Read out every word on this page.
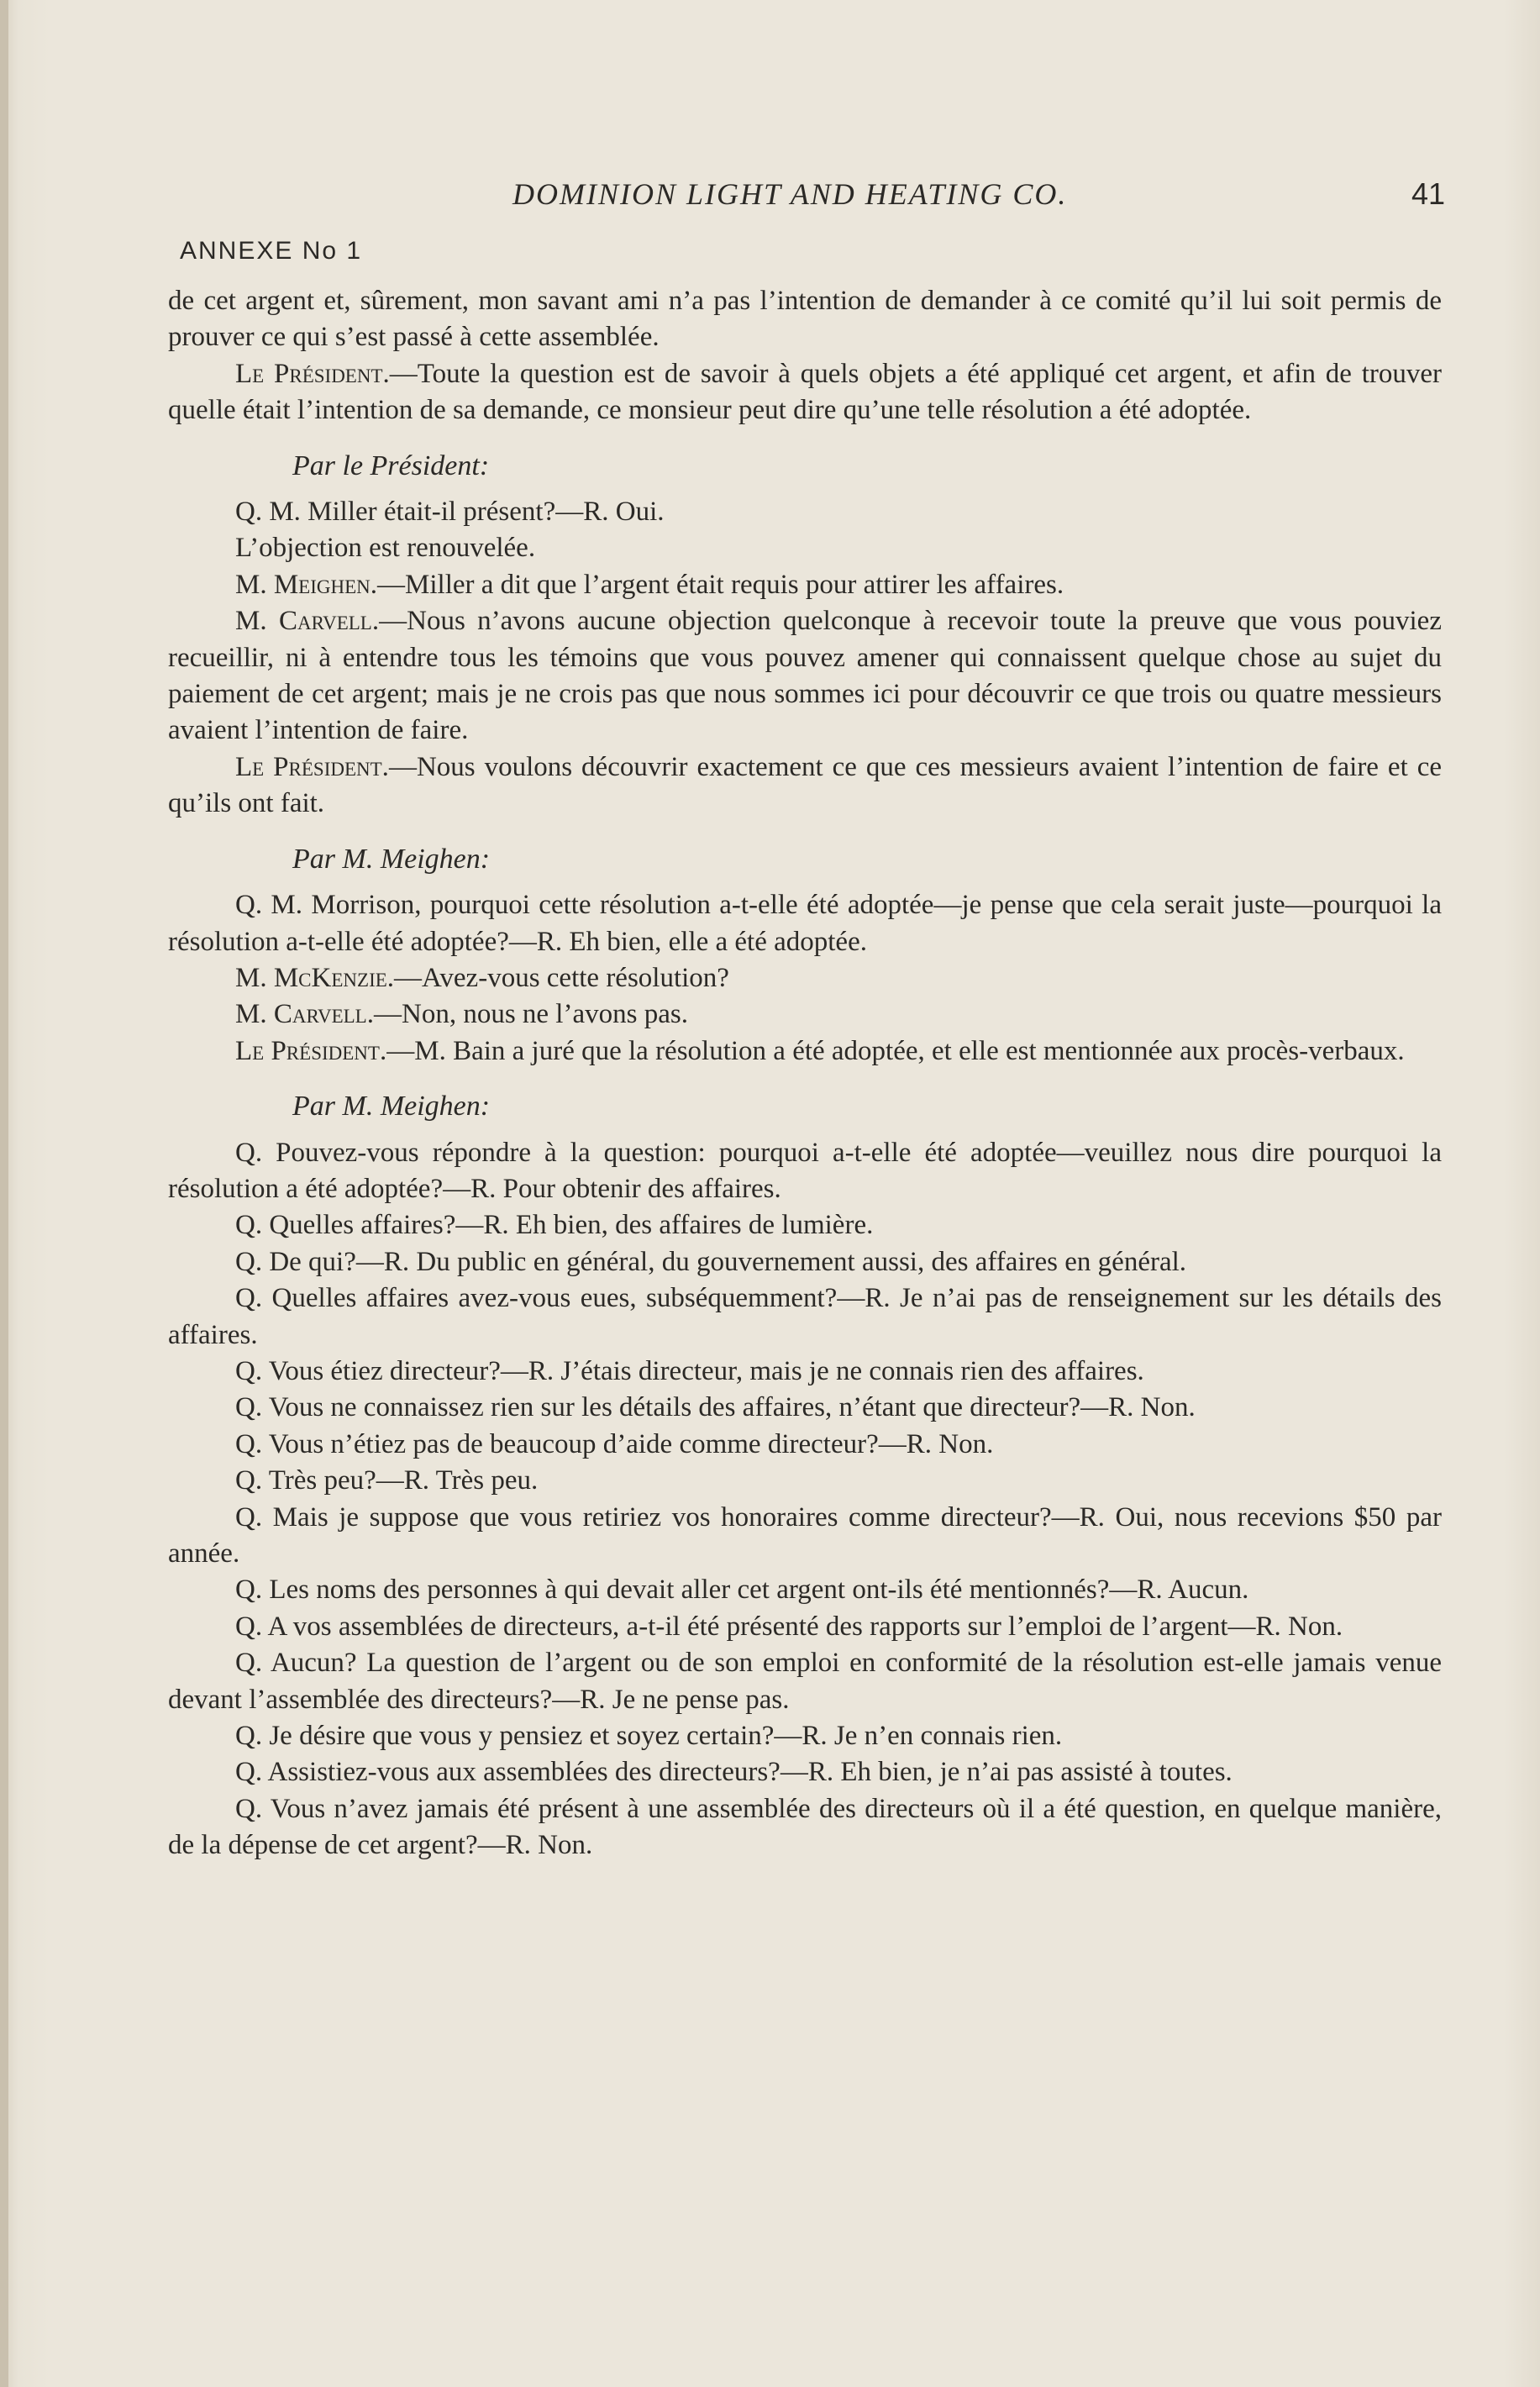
DOMINION LIGHT AND HEATING CO.	41
ANNEXE No 1

de cet argent et, sûrement, mon savant ami n’a pas l’intention de demander à ce comité qu’il lui soit permis de prouver ce qui s’est passé à cette assemblée.

Le Président.—Toute la question est de savoir à quels objets a été appliqué cet argent, et afin de trouver quelle était l’intention de sa demande, ce monsieur peut dire qu’une telle résolution a été adoptée.

Par le Président:

Q. M. Miller était-il présent?—R. Oui.

L’objection est renouvelée.

M. Meighen.—Miller a dit que l’argent était requis pour attirer les affaires.

M. Carvell.—Nous n’avons aucune objection quelconque à recevoir toute la preuve que vous pouviez recueillir, ni à entendre tous les témoins que vous pouvez amener qui connaissent quelque chose au sujet du paiement de cet argent; mais je ne crois pas que nous sommes ici pour découvrir ce que trois ou quatre messieurs avaient l’intention de faire.

Le Président.—Nous voulons découvrir exactement ce que ces messieurs avaient l’intention de faire et ce qu’ils ont fait.

Par M. Meighen:

Q. M. Morrison, pourquoi cette résolution a-t-elle été adoptée—je pense que cela serait juste—pourquoi la résolution a-t-elle été adoptée?—R. Eh bien, elle a été adoptée.

M. McKenzie.—Avez-vous cette résolution?

M. Carvell.—Non, nous ne l’avons pas.

Le Président.—M. Bain a juré que la résolution a été adoptée, et elle est mentionnée aux procès-verbaux.

Par M. Meighen:

Q. Pouvez-vous répondre à la question: pourquoi a-t-elle été adoptée—veuillez nous dire pourquoi la résolution a été adoptée?—R. Pour obtenir des affaires.

Q. Quelles affaires?—R. Eh bien, des affaires de lumière.

Q. De qui?—R. Du public en général, du gouvernement aussi, des affaires en général.

Q. Quelles affaires avez-vous eues, subséquemment?—R. Je n’ai pas de renseignement sur les détails des affaires.

Q. Vous étiez directeur?—R. J’étais directeur, mais je ne connais rien des affaires.

Q. Vous ne connaissez rien sur les détails des affaires, n’étant que directeur?—R. Non.

Q. Vous n’étiez pas de beaucoup d’aide comme directeur?—R. Non.

Q. Très peu?—R. Très peu.

Q. Mais je suppose que vous retiriez vos honoraires comme directeur?—R. Oui, nous recevions $50 par année.

Q. Les noms des personnes à qui devait aller cet argent ont-ils été mentionnés?—R. Aucun.

Q. A vos assemblées de directeurs, a-t-il été présenté des rapports sur l’emploi de l’argent—R. Non.

Q. Aucun? La question de l’argent ou de son emploi en conformité de la résolution est-elle jamais venue devant l’assemblée des directeurs?—R. Je ne pense pas.

Q. Je désire que vous y pensiez et soyez certain?—R. Je n’en connais rien.

Q. Assistiez-vous aux assemblées des directeurs?—R. Eh bien, je n’ai pas assisté à toutes.

Q. Vous n’avez jamais été présent à une assemblée des directeurs où il a été question, en quelque manière, de la dépense de cet argent?—R. Non.
